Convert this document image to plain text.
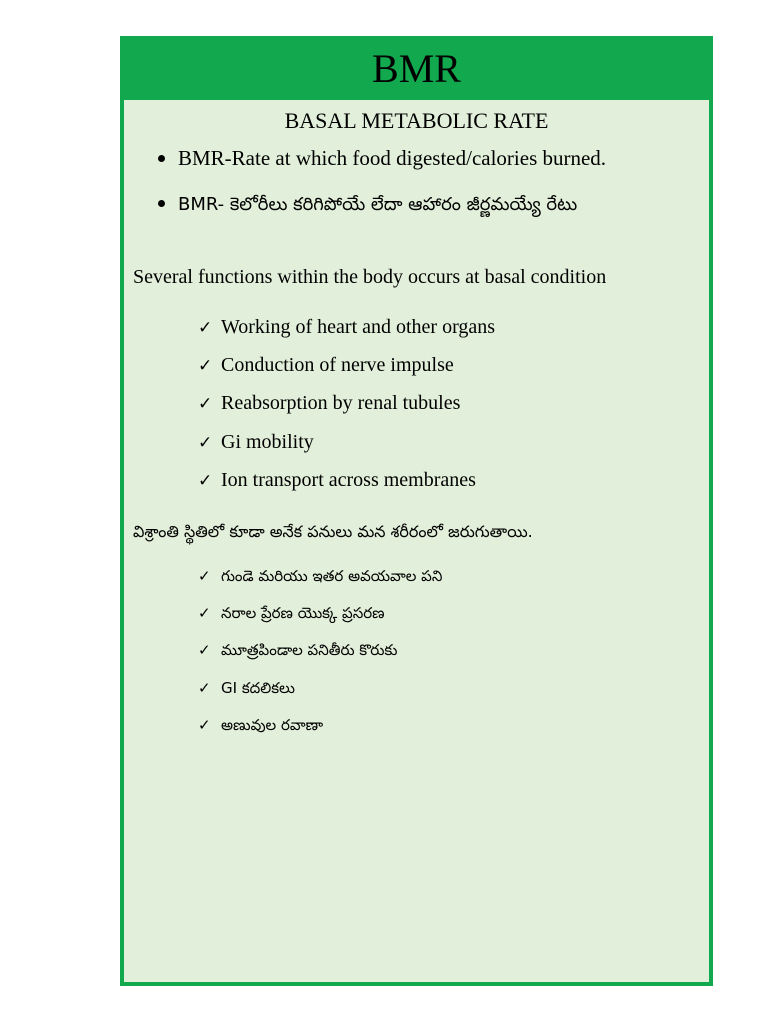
BMR
BASAL METABOLIC RATE
BMR-Rate at which food digested/calories burned.
BMR- కెలోరీలు కరిగిపోయే లేదా ఆహారం జీర్ణమయ్యే రేటు
Several functions within the body occurs at basal condition
✓ Working of heart and other organs
✓ Conduction of nerve impulse
✓ Reabsorption by renal tubules
✓ Gi mobility
✓ Ion transport across membranes
విశ్రాంతి స్థితిలో కూడా అనేక పనులు మన శరీరంలో జరుగుతాయి.
✓ గుండె మరియు ఇతర అవయవాల పని
✓ నరాల ప్రేరణ యొక్క ప్రసరణ
✓ మూత్రపిండాల పనితీరు కొరుకు
✓ GI కదలికలు
✓ అణువుల రవాణా
